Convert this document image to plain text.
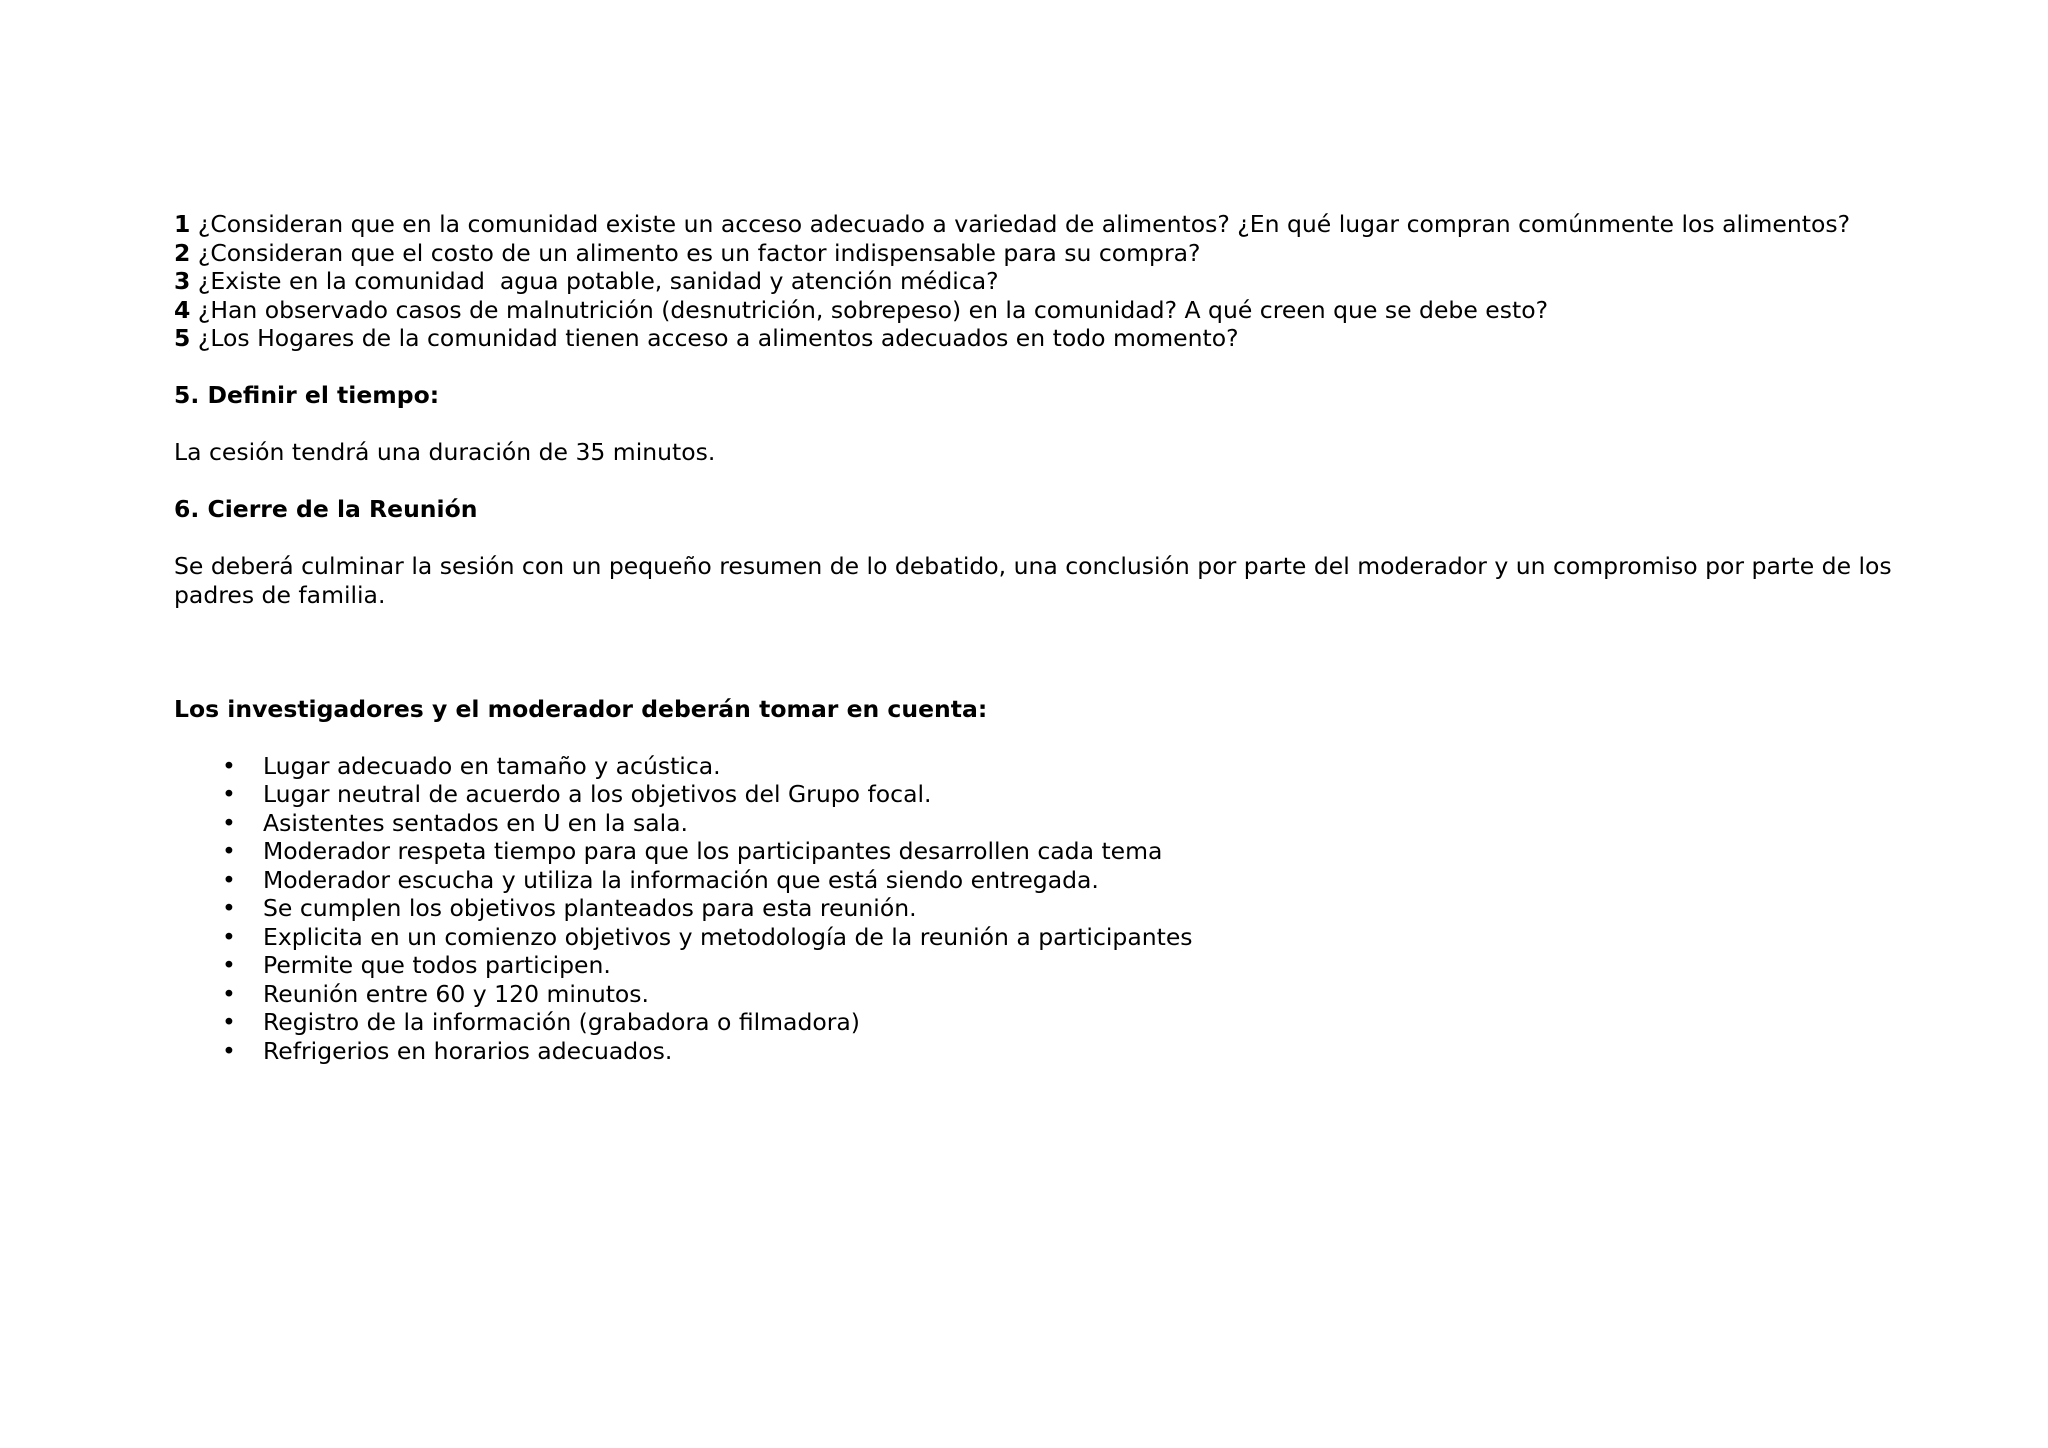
1 ¿Consideran que en la comunidad existe un acceso adecuado a variedad de alimentos? ¿En qué lugar compran comúnmente los alimentos?

2 ¿Consideran que el costo de un alimento es un factor indispensable para su compra?

3 ¿Existe en la comunidad  agua potable, sanidad y atención médica?

4 ¿Han observado casos de malnutrición (desnutrición, sobrepeso) en la comunidad? A qué creen que se debe esto?

5 ¿Los Hogares de la comunidad tienen acceso a alimentos adecuados en todo momento?

5. Definir el tiempo:

La cesión tendrá una duración de 35 minutos.

6. Cierre de la Reunión

Se deberá culminar la sesión con un pequeño resumen de lo debatido, una conclusión por parte del moderador y un compromiso por parte de los padres de familia.

Los investigadores y el moderador deberán tomar en cuenta:

• Lugar adecuado en tamaño y acústica.
• Lugar neutral de acuerdo a los objetivos del Grupo focal.
• Asistentes sentados en U en la sala.
• Moderador respeta tiempo para que los participantes desarrollen cada tema
• Moderador escucha y utiliza la información que está siendo entregada.
• Se cumplen los objetivos planteados para esta reunión.
• Explicita en un comienzo objetivos y metodología de la reunión a participantes
• Permite que todos participen.
• Reunión entre 60 y 120 minutos.
• Registro de la información (grabadora o filmadora)
• Refrigerios en horarios adecuados.
